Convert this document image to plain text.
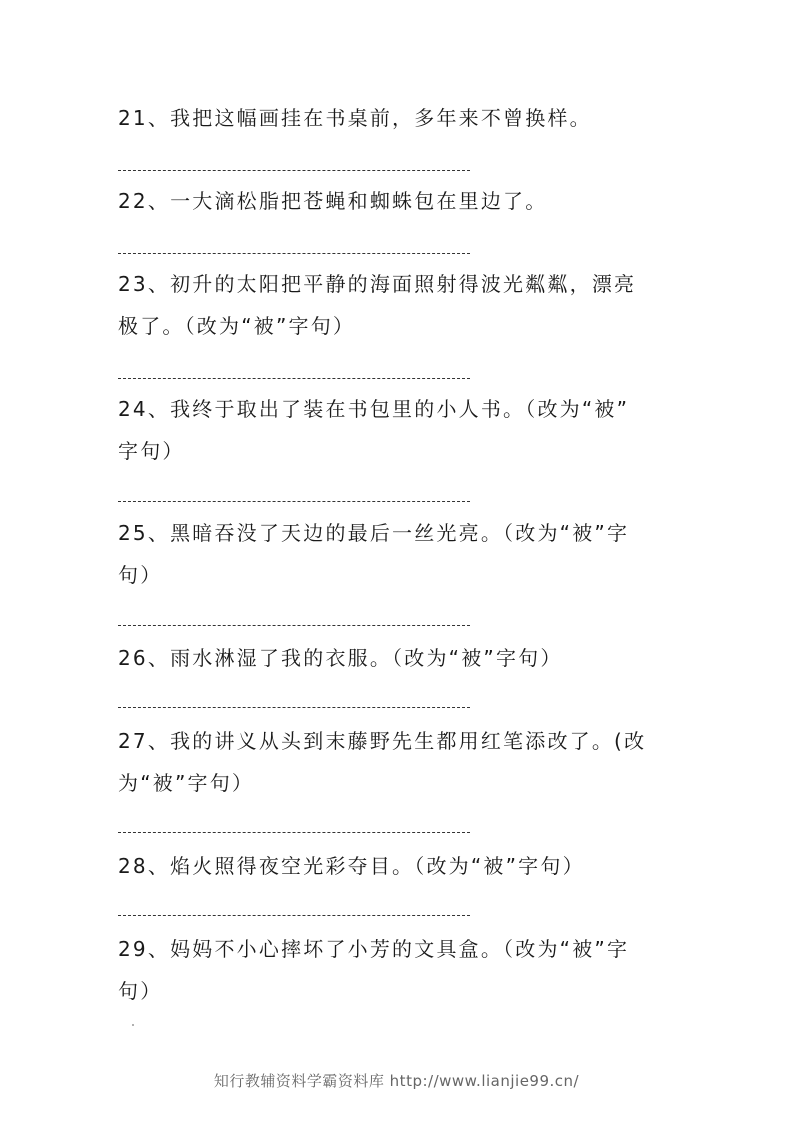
21、我把这幅画挂在书桌前，多年来不曾换样。
22、一大滴松脂把苍蝇和蜘蛛包在里边了。
23、初升的太阳把平静的海面照射得波光粼粼，漂亮
极了。（改为“被”字句）
24、我终于取出了装在书包里的小人书。（改为“被”
字句）
25、黑暗吞没了天边的最后一丝光亮。（改为“被”字
句）
26、雨水淋湿了我的衣服。（改为“被”字句）
27、我的讲义从头到末藤野先生都用红笔添改了。(改
为“被”字句）
28、焰火照得夜空光彩夺目。（改为“被”字句）
29、妈妈不小心摔坏了小芳的文具盒。（改为“被”字
句）
知行教辅资料学霸资料库 http://www.lianjie99.cn/
